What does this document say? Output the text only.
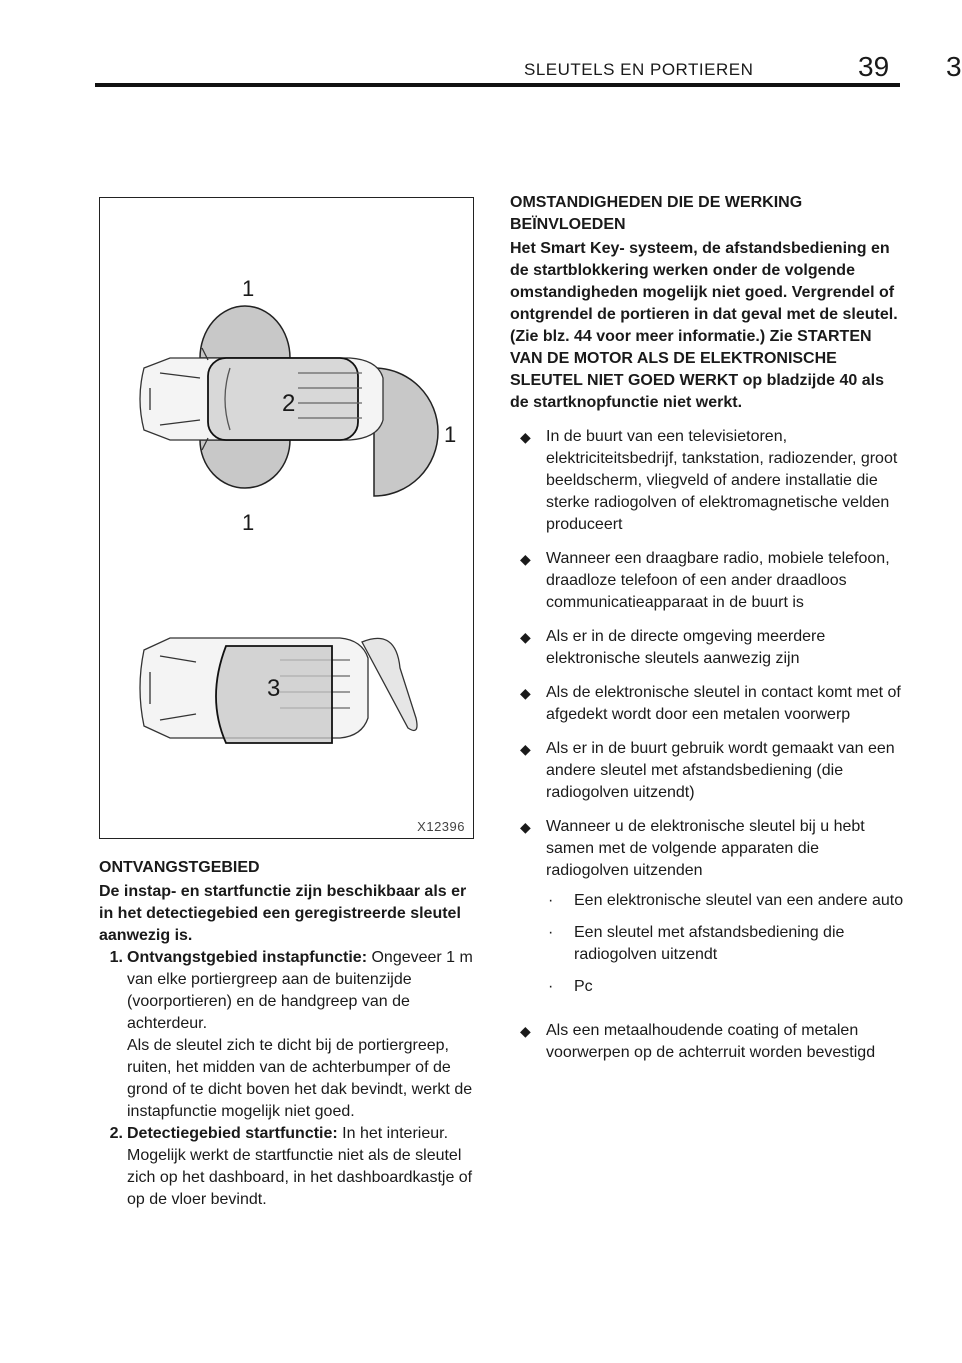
SLEUTELS EN PORTIEREN	39 3
1
1
1
2
3
X12396
ONTVANGSTGEBIED
De instap- en startfunctie zijn beschikbaar als er in het detectiegebied een geregistreerde sleutel aanwezig is.
1. Ontvangstgebied instapfunctie: Ongeveer 1 m van elke portiergreep aan de buitenzijde (voorportieren) en de handgreep van de achterdeur.
Als de sleutel zich te dicht bij de portiergreep, ruiten, het midden van de achterbumper of de grond of te dicht boven het dak bevindt, werkt de instapfunctie mogelijk niet goed.
2. Detectiegebied startfunctie: In het interieur.
Mogelijk werkt de startfunctie niet als de sleutel zich op het dashboard, in het dashboardkastje of op de vloer bevindt.
OMSTANDIGHEDEN DIE DE WERKING BEÏNVLOEDEN
Het Smart Key- systeem, de afstandsbediening en de startblokkering werken onder de volgende omstandigheden mogelijk niet goed. Vergrendel of ontgrendel de portieren in dat geval met de sleutel. (Zie blz. 44 voor meer informatie.) Zie STARTEN VAN DE MOTOR ALS DE ELEKTRONISCHE SLEUTEL NIET GOED WERKT op bladzijde 40 als de startknopfunctie niet werkt.
◆ In de buurt van een televisietoren, elektriciteitsbedrijf, tankstation, radiozender, groot beeldscherm, vliegveld of andere installatie die sterke radiogolven of elektromagnetische velden produceert
◆ Wanneer een draagbare radio, mobiele telefoon, draadloze telefoon of een ander draadloos communicatieapparaat in de buurt is
◆ Als er in de directe omgeving meerdere elektronische sleutels aanwezig zijn
◆ Als de elektronische sleutel in contact komt met of afgedekt wordt door een metalen voorwerp
◆ Als er in de buurt gebruik wordt gemaakt van een andere sleutel met afstandsbediening (die radiogolven uitzendt)
◆ Wanneer u de elektronische sleutel bij u hebt samen met de volgende apparaten die radiogolven uitzenden
·	Een elektronische sleutel van een andere auto
·	Een sleutel met afstandsbediening die radiogolven uitzendt
·	Pc
◆ Als een metaalhoudende coating of metalen voorwerpen op de achterruit worden bevestigd
